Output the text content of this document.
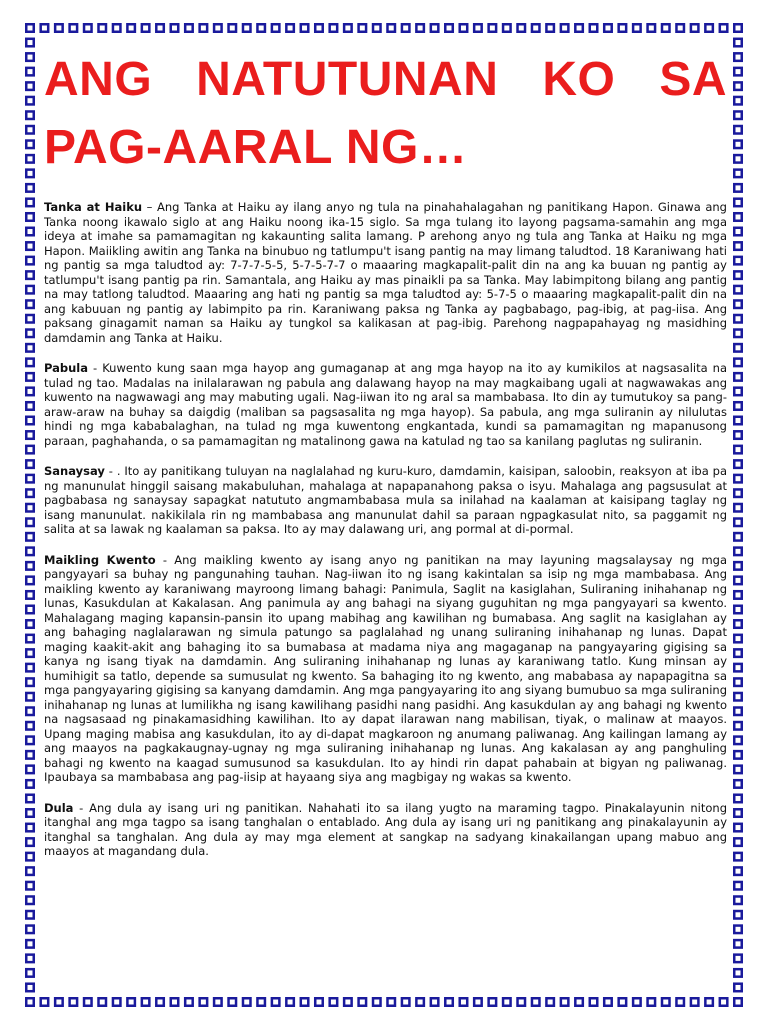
ANG NATUTUNAN KO SA

PAG-AARAL NG…

Tanka at Haiku – Ang Tanka at Haiku ay ilang anyo ng tula na pinahahalagahan ng panitikang Hapon. Ginawa ang Tanka noong ikawalo siglo at ang Haiku noong ika-15 siglo. Sa mga tulang ito layong pagsama-samahin ang mga ideya at imahe sa pamamagitan ng kakaunting salita lamang. P arehong anyo ng tula ang Tanka at Haiku ng mga Hapon. Maiikling awitin ang Tanka na binubuo ng tatlumpu't isang pantig na may limang taludtod. 18 Karaniwang hati ng pantig sa mga taludtod ay: 7-7-7-5-5, 5-7-5-7-7 o maaaring magkapalit-palit din na ang ka buuan ng pantig ay tatlumpu't isang pantig pa rin. Samantala, ang Haiku ay mas pinaikli pa sa Tanka. May labimpitong bilang ang pantig na may tatlong taludtod. Maaaring ang hati ng pantig sa mga taludtod ay: 5-7-5 o maaaring magkapalit-palit din na ang kabuuan ng pantig ay labimpito pa rin. Karaniwang paksa ng Tanka ay pagbabago, pag-ibig, at pag-iisa. Ang paksang ginagamit naman sa Haiku ay tungkol sa kalikasan at pag-ibig. Parehong nagpapahayag ng masidhing damdamin ang Tanka at Haiku.

Pabula - Kuwento kung saan mga hayop ang gumaganap at ang mga hayop na ito ay kumikilos at nagsasalita na tulad ng tao. Madalas na inilalarawan ng pabula ang dalawang hayop na may magkaibang ugali at nagwawakas ang kuwento na nagwawagi ang may mabuting ugali. Nag-iiwan ito ng aral sa mambabasa. Ito din ay tumutukoy sa pang-araw-araw na buhay sa daigdig (maliban sa pagsasalita ng mga hayop). Sa pabula, ang mga suliranin ay nilulutas hindi ng mga kababalaghan, na tulad ng mga kuwentong engkantada, kundi sa pamamagitan ng mapanusong paraan, paghahanda, o sa pamamagitan ng matalinong gawa na katulad ng tao sa kanilang paglutas ng suliranin.

Sanaysay - . Ito ay panitikang tuluyan na naglalahad ng kuru-kuro, damdamin, kaisipan, saloobin, reaksyon at iba pa ng manunulat hinggil saisang makabuluhan, mahalaga at napapanahong paksa o isyu. Mahalaga ang pagsusulat at pagbabasa ng sanaysay sapagkat natututo angmambabasa mula sa inilahad na kaalaman at kaisipang taglay ng isang manunulat. nakikilala rin ng mambabasa ang manunulat dahil sa paraan ngpagkasulat nito, sa paggamit ng salita at sa lawak ng kaalaman sa paksa. Ito ay may dalawang uri, ang pormal at di-pormal.

Maikling Kwento - Ang maikling kwento ay isang anyo ng panitikan na may layuning magsalaysay ng mga pangyayari sa buhay ng pangunahing tauhan. Nag-iiwan ito ng isang kakintalan sa isip ng mga mambabasa. Ang maikling kwento ay karaniwang mayroong limang bahagi: Panimula, Saglit na kasiglahan, Suliraning inihahanap ng lunas, Kasukdulan at Kakalasan. Ang panimula ay ang bahagi na siyang guguhitan ng mga pangyayari sa kwento. Mahalagang maging kapansin-pansin ito upang mabihag ang kawilihan ng bumabasa. Ang saglit na kasiglahan ay ang bahaging naglalarawan ng simula patungo sa paglalahad ng unang suliraning inihahanap ng lunas. Dapat maging kaakit-akit ang bahaging ito sa bumabasa at madama niya ang magaganap na pangyayaring gigising sa kanya ng isang tiyak na damdamin. Ang suliraning inihahanap ng lunas ay karaniwang tatlo. Kung minsan ay humihigit sa tatlo, depende sa sumusulat ng kwento. Sa bahaging ito ng kwento, ang mababasa ay napapagitna sa mga pangyayaring gigising sa kanyang damdamin. Ang mga pangyayaring ito ang siyang bumubuo sa mga suliraning inihahanap ng lunas at lumilikha ng isang kawilihang pasidhi nang pasidhi. Ang kasukdulan ay ang bahagi ng kwento na nagsasaad ng pinakamasidhing kawilihan. Ito ay dapat ilarawan nang mabilisan, tiyak, o malinaw at maayos. Upang maging mabisa ang kasukdulan, ito ay di-dapat magkaroon ng anumang paliwanag. Ang kailingan lamang ay ang maayos na pagkakaugnay-ugnay ng mga suliraning inihahanap ng lunas. Ang kakalasan ay ang panghuling bahagi ng kwento na kaagad sumusunod sa kasukdulan. Ito ay hindi rin dapat pahabain at bigyan ng paliwanag. Ipaubaya sa mambabasa ang pag-iisip at hayaang siya ang magbigay ng wakas sa kwento.

Dula - Ang dula ay isang uri ng panitikan. Nahahati ito sa ilang yugto na maraming tagpo. Pinakalayunin nitong itanghal ang mga tagpo sa isang tanghalan o entablado. Ang dula ay isang uri ng panitikang ang pinakalayunin ay itanghal sa tanghalan. Ang dula ay may mga element at sangkap na sadyang kinakailangan upang mabuo ang maayos at magandang dula.
